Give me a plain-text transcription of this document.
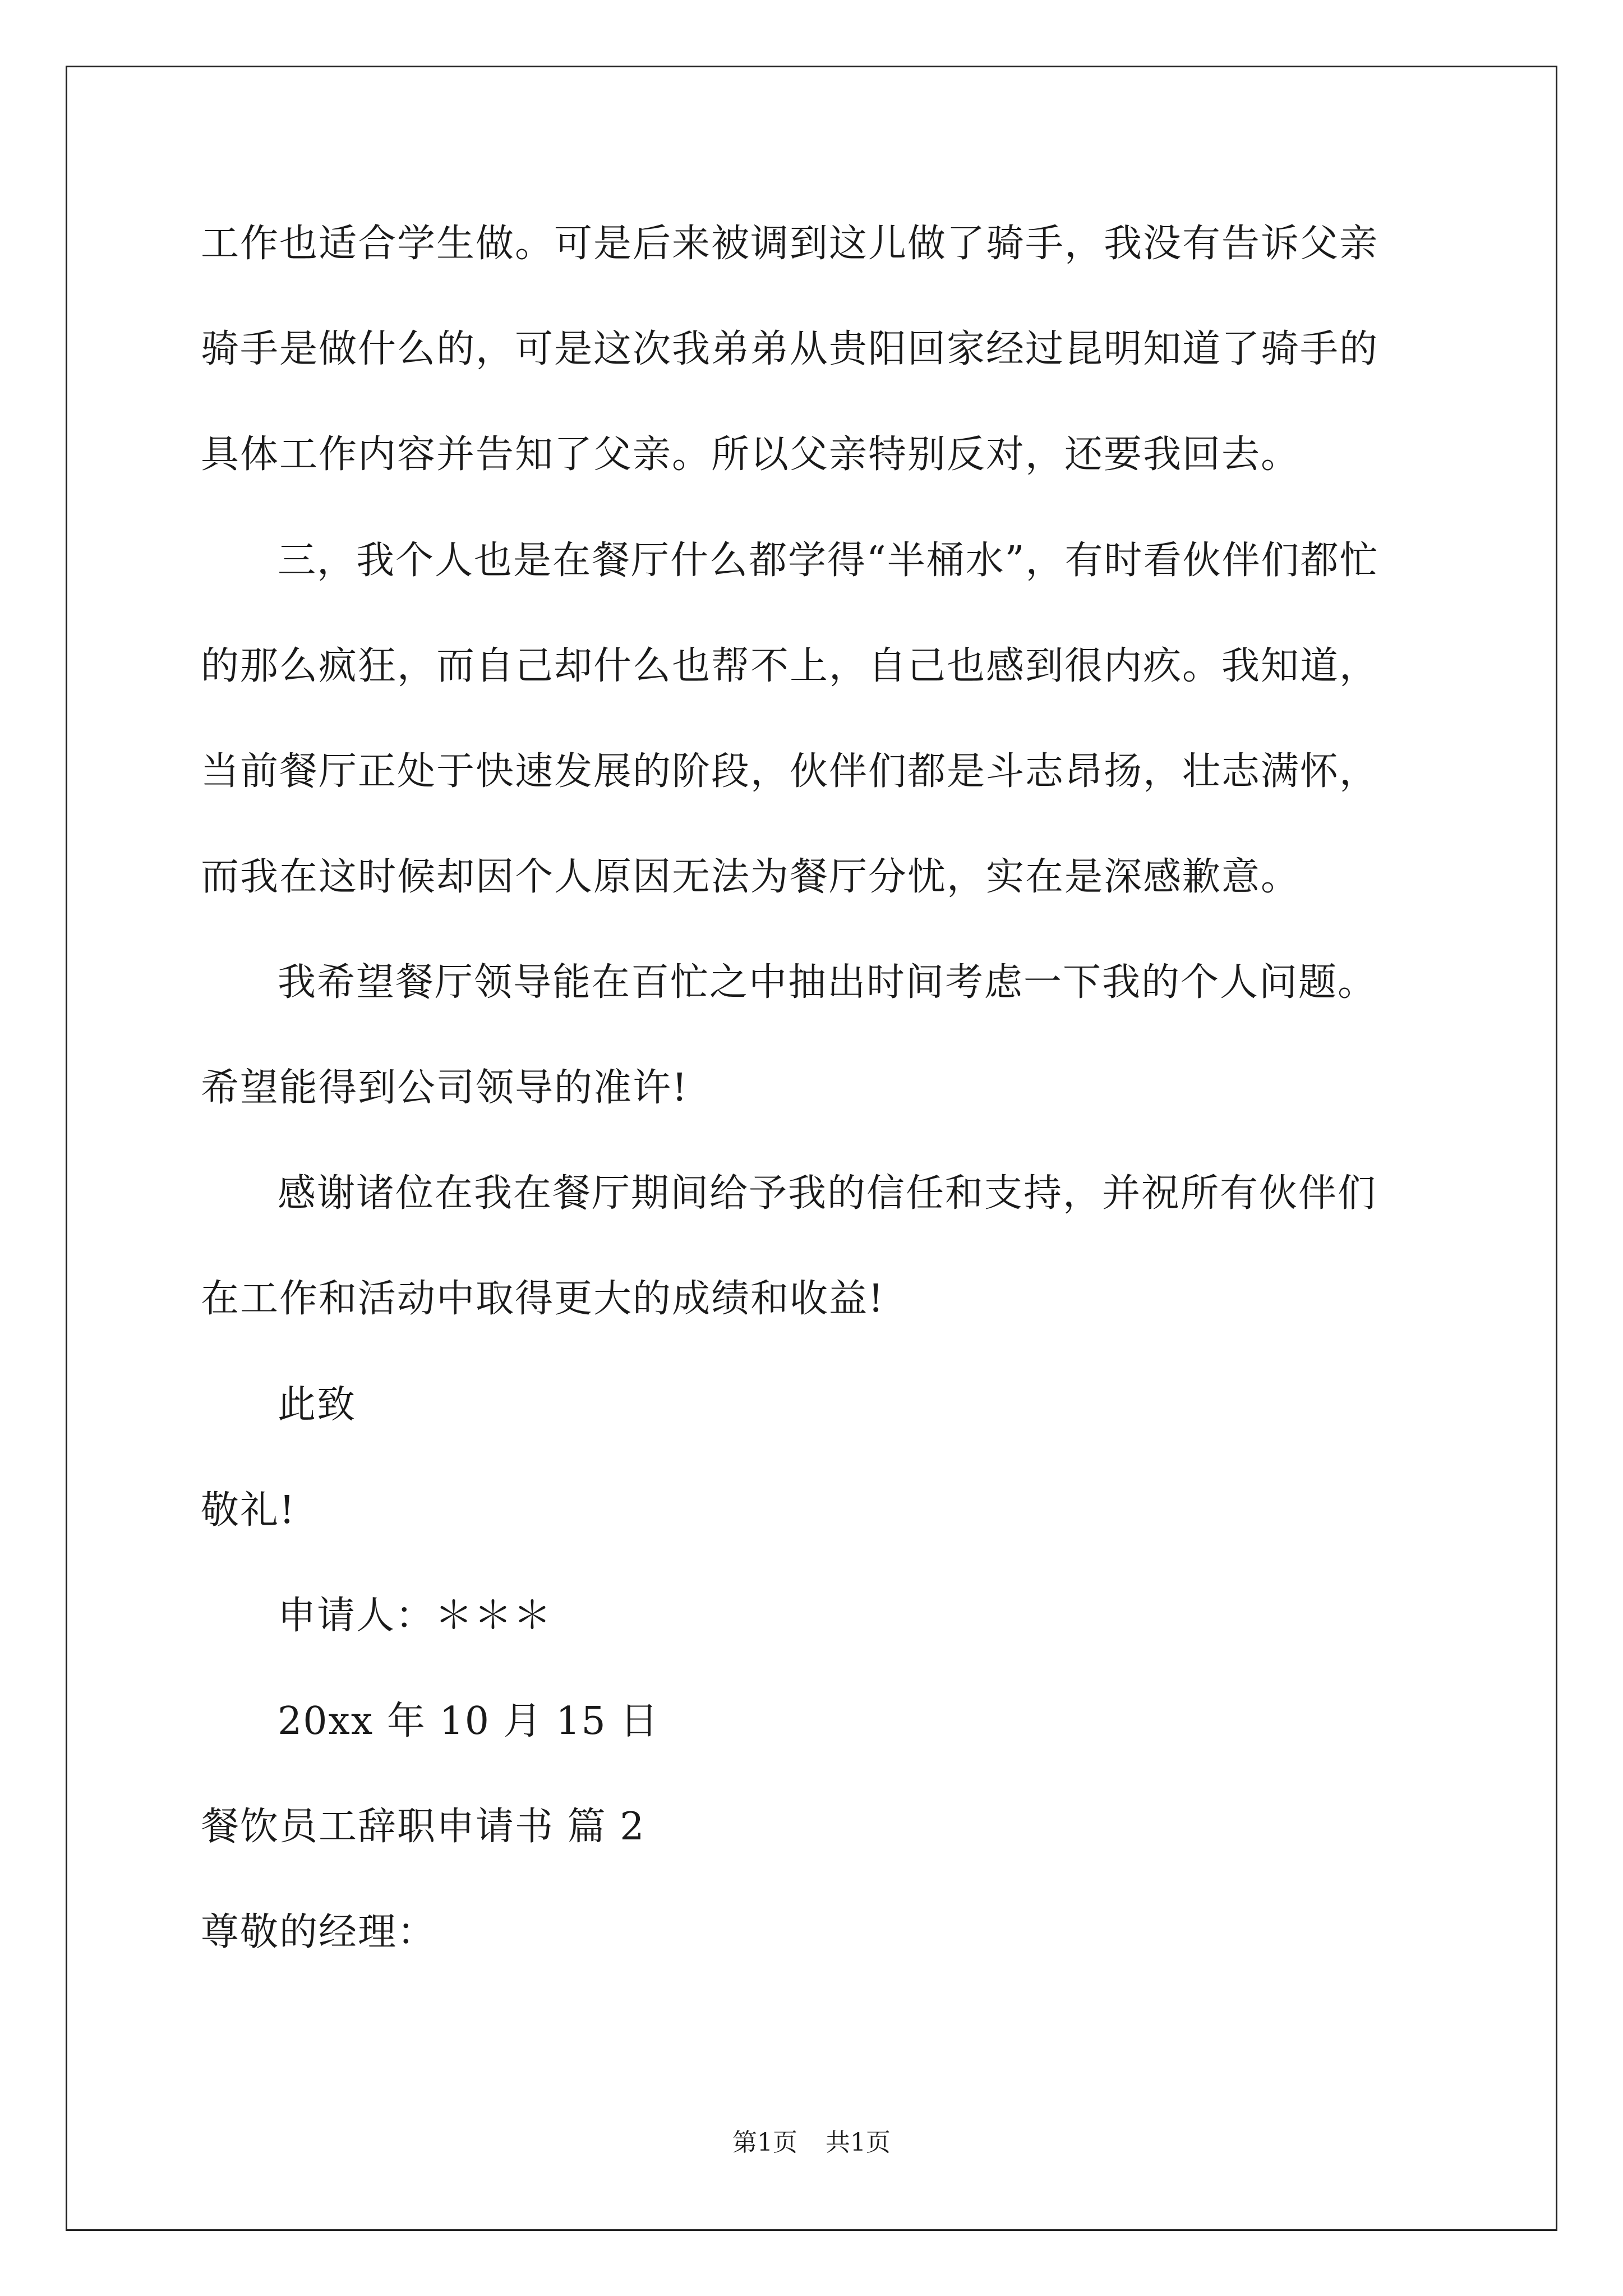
工作也适合学生做。可是后来被调到这儿做了骑手，我没有告诉父亲
骑手是做什么的，可是这次我弟弟从贵阳回家经过昆明知道了骑手的
具体工作内容并告知了父亲。所以父亲特别反对，还要我回去。
三，我个人也是在餐厅什么都学得“半桶水”，有时看伙伴们都忙
的那么疯狂，而自己却什么也帮不上，自己也感到很内疚。我知道，
当前餐厅正处于快速发展的阶段，伙伴们都是斗志昂扬，壮志满怀，
而我在这时候却因个人原因无法为餐厅分忧，实在是深感歉意。
我希望餐厅领导能在百忙之中抽出时间考虑一下我的个人问题。
希望能得到公司领导的准许!
感谢诸位在我在餐厅期间给予我的信任和支持，并祝所有伙伴们
在工作和活动中取得更大的成绩和收益!
此致
敬礼!
申请人：＊＊＊
20xx 年 10 月 15 日
餐饮员工辞职申请书 篇 2
尊敬的经理：
第1页 共1页
